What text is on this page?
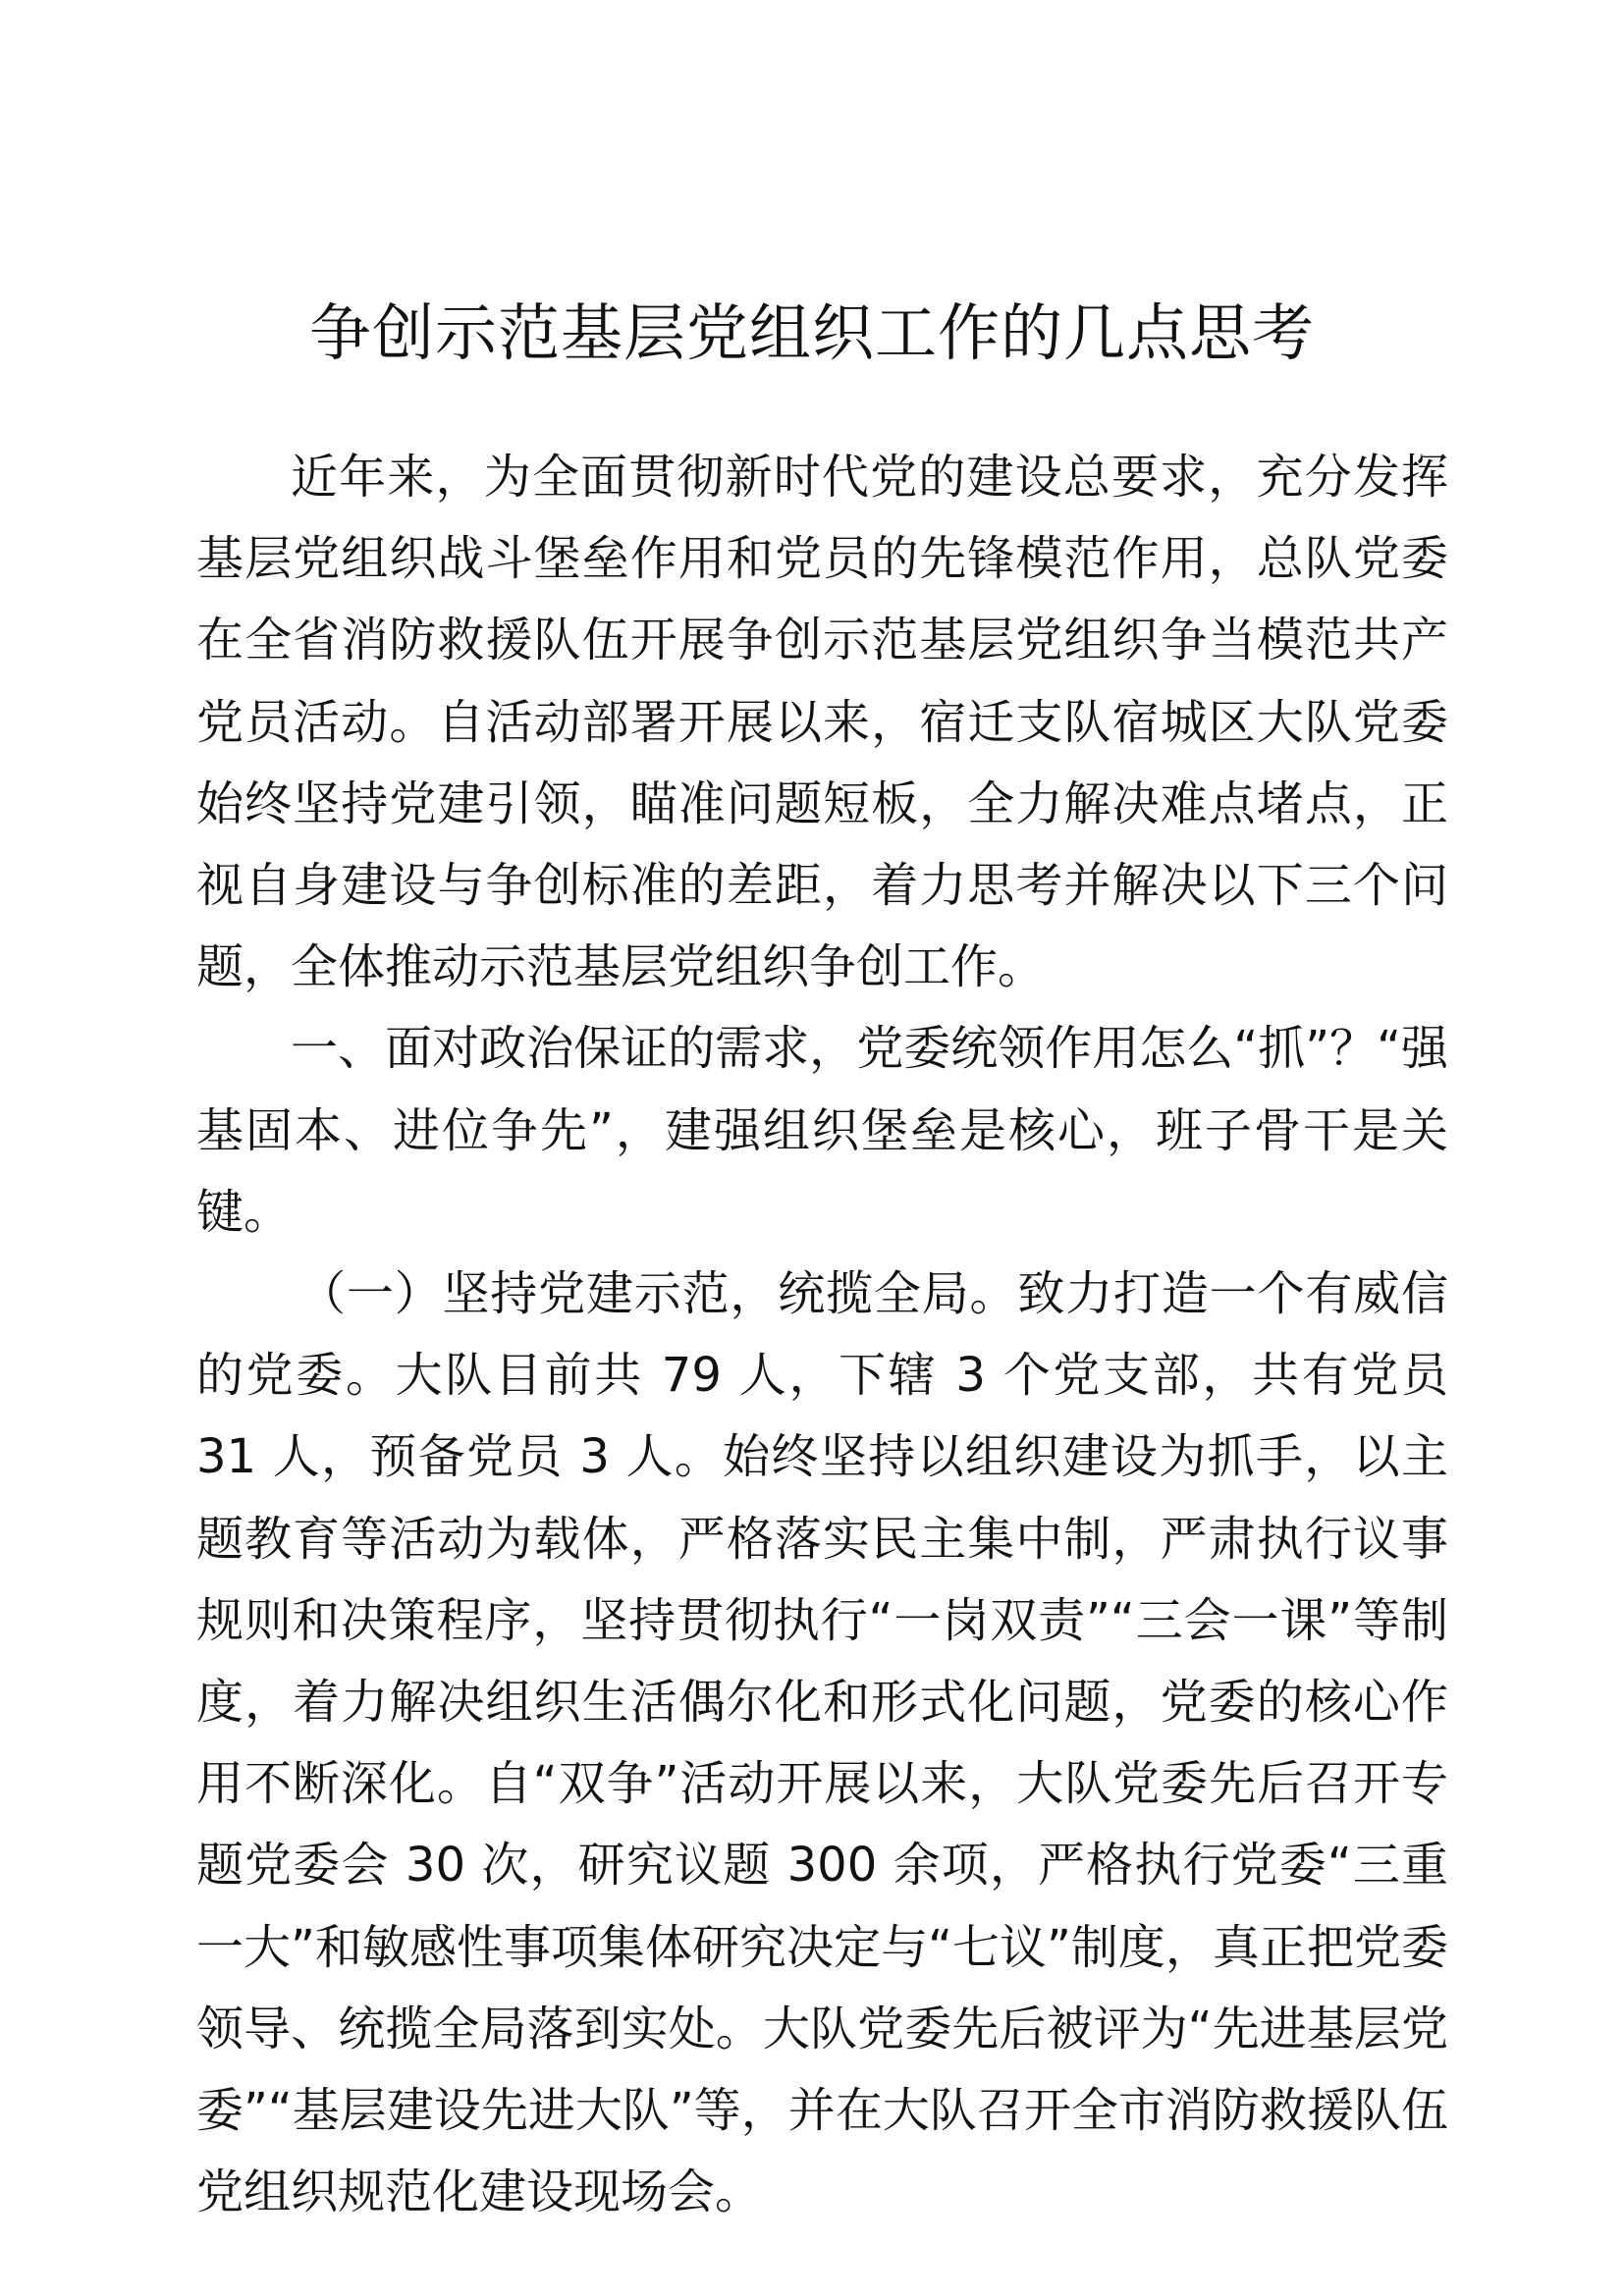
争创示范基层党组织工作的几点思考

近年来，为全面贯彻新时代党的建设总要求，充分发挥基层党组织战斗堡垒作用和党员的先锋模范作用，总队党委在全省消防救援队伍开展争创示范基层党组织争当模范共产党员活动。自活动部署开展以来，宿迁支队宿城区大队党委始终坚持党建引领，瞄准问题短板，全力解决难点堵点，正视自身建设与争创标准的差距，着力思考并解决以下三个问题，全体推动示范基层党组织争创工作。

一、面对政治保证的需求，党委统领作用怎么“抓”？“强基固本、进位争先”，建强组织堡垒是核心，班子骨干是关键。

（一）坚持党建示范，统揽全局。致力打造一个有威信的党委。大队目前共 79 人，下辖 3 个党支部，共有党员 31 人，预备党员 3 人。始终坚持以组织建设为抓手，以主题教育等活动为载体，严格落实民主集中制，严肃执行议事规则和决策程序，坚持贯彻执行“一岗双责”“三会一课”等制度，着力解决组织生活偶尔化和形式化问题，党委的核心作用不断深化。自“双争”活动开展以来，大队党委先后召开专题党委会 30 次，研究议题 300 余项，严格执行党委“三重一大”和敏感性事项集体研究决定与“七议”制度，真正把党委领导、统揽全局落到实处。大队党委先后被评为“先进基层党委”“基层建设先进大队”等，并在大队召开全市消防救援队伍党组织规范化建设现场会。
